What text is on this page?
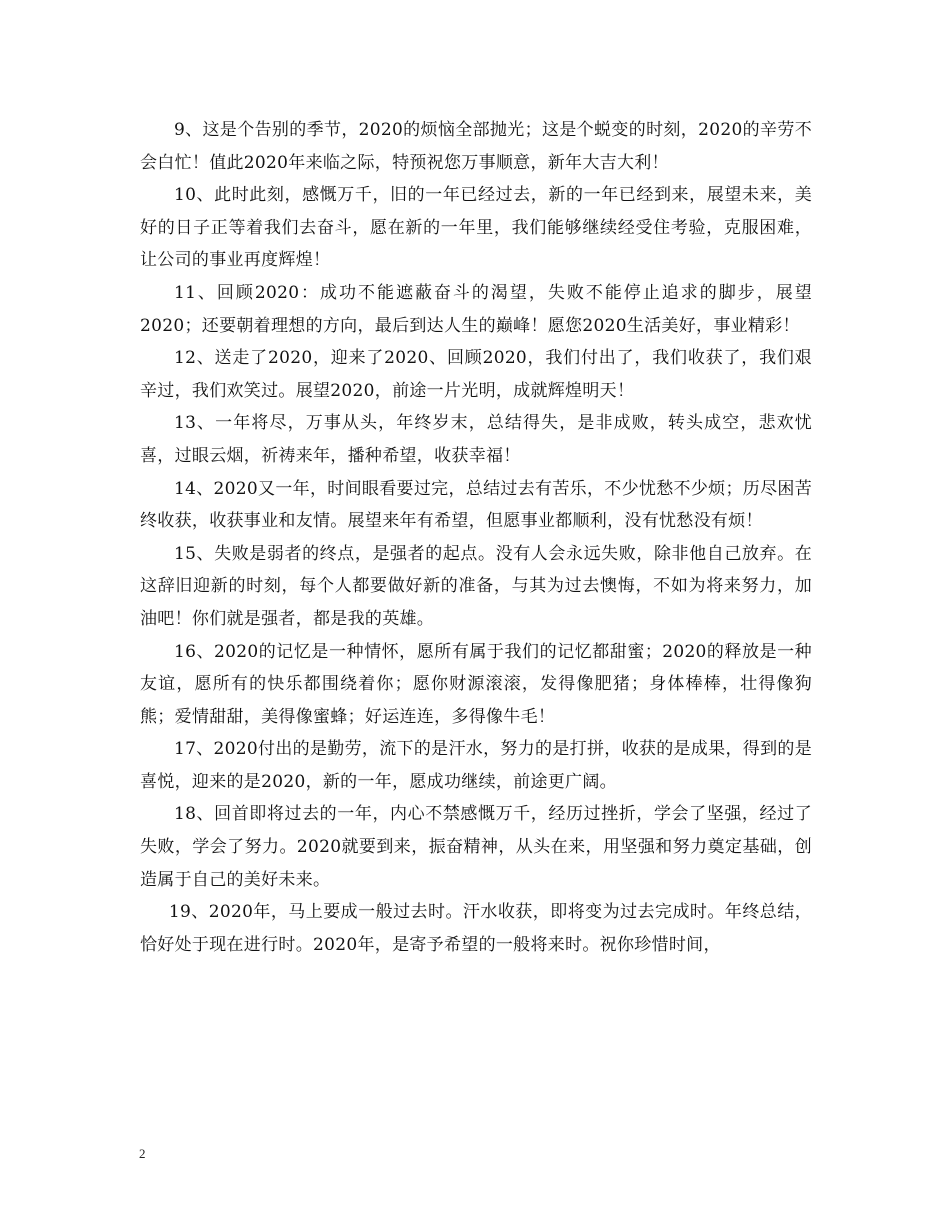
9、这是个告别的季节，2020的烦恼全部抛光；这是个蜕变的时刻，2020的辛劳不会白忙！值此2020年来临之际，特预祝您万事顺意，新年大吉大利！

10、此时此刻，感慨万千，旧的一年已经过去，新的一年已经到来，展望未来，美好的日子正等着我们去奋斗，愿在新的一年里，我们能够继续经受住考验，克服困难，让公司的事业再度辉煌！

11、回顾2020：成功不能遮蔽奋斗的渴望，失败不能停止追求的脚步，展望2020；还要朝着理想的方向，最后到达人生的巅峰！愿您2020生活美好，事业精彩！

12、送走了2020，迎来了2020、回顾2020，我们付出了，我们收获了，我们艰辛过，我们欢笑过。展望2020，前途一片光明，成就辉煌明天！

13、一年将尽，万事从头，年终岁末，总结得失，是非成败，转头成空，悲欢忧喜，过眼云烟，祈祷来年，播种希望，收获幸福！

14、2020又一年，时间眼看要过完，总结过去有苦乐，不少忧愁不少烦；历尽困苦终收获，收获事业和友情。展望来年有希望，但愿事业都顺利，没有忧愁没有烦！

15、失败是弱者的终点，是强者的起点。没有人会永远失败，除非他自己放弃。在这辞旧迎新的时刻，每个人都要做好新的准备，与其为过去懊悔，不如为将来努力，加油吧！你们就是强者，都是我的英雄。

16、2020的记忆是一种情怀，愿所有属于我们的记忆都甜蜜；2020的释放是一种友谊，愿所有的快乐都围绕着你；愿你财源滚滚，发得像肥猪；身体棒棒，壮得像狗熊；爱情甜甜，美得像蜜蜂；好运连连，多得像牛毛！

17、2020付出的是勤劳，流下的是汗水，努力的是打拼，收获的是成果，得到的是喜悦，迎来的是2020，新的一年，愿成功继续，前途更广阔。

18、回首即将过去的一年，内心不禁感慨万千，经历过挫折，学会了坚强，经过了失败，学会了努力。2020就要到来，振奋精神，从头在来，用坚强和努力奠定基础，创造属于自己的美好未来。

19、2020年，马上要成一般过去时。汗水收获，即将变为过去完成时。年终总结，恰好处于现在进行时。2020年，是寄予希望的一般将来时。祝你珍惜时间，

2
